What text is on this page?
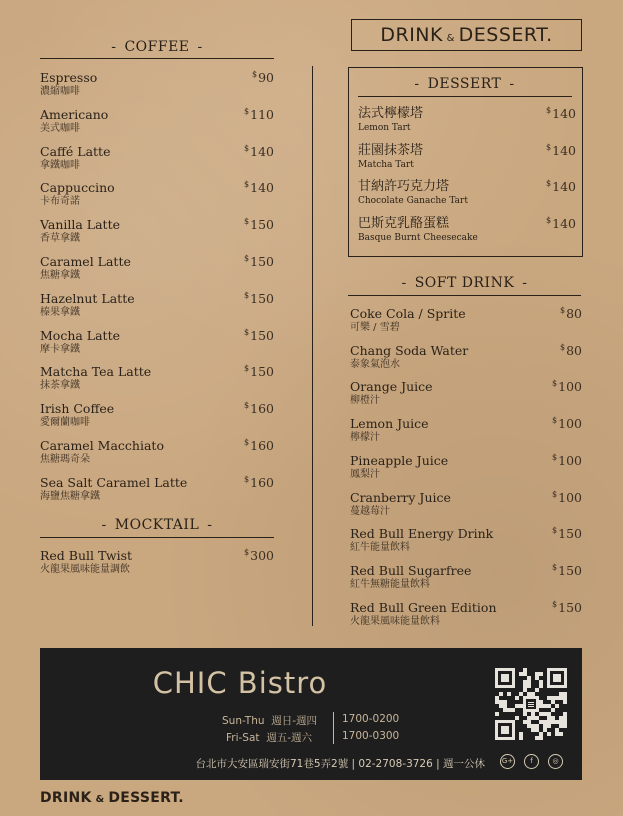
DRINK & DESSERT.
- COFFEE -
Espresso
濃縮咖啡
$90
Americano
美式咖啡
$110
Caffé Latte
拿鐵咖啡
$140
Cappuccino
卡布奇諾
$140
Vanilla Latte
香草拿鐵
$150
Caramel Latte
焦糖拿鐵
$150
Hazelnut Latte
榛果拿鐵
$150
Mocha Latte
摩卡拿鐵
$150
Matcha Tea Latte
抹茶拿鐵
$150
Irish Coffee
愛爾蘭咖啡
$160
Caramel Macchiato
焦糖瑪奇朵
$160
Sea Salt Caramel Latte
海鹽焦糖拿鐵
$160
- MOCKTAIL -
Red Bull Twist
火龍果風味能量調飲
$300
- DESSERT -
法式檸檬塔
Lemon Tart
$140
莊園抹茶塔
Matcha Tart
$140
甘納許巧克力塔
Chocolate Ganache Tart
$140
巴斯克乳酪蛋糕
Basque Burnt Cheesecake
$140
- SOFT DRINK -
Coke Cola / Sprite
可樂 / 雪碧
$80
Chang Soda Water
泰象氣泡水
$80
Orange Juice
柳橙汁
$100
Lemon Juice
檸檬汁
$100
Pineapple Juice
鳳梨汁
$100
Cranberry Juice
蔓越莓汁
$100
Red Bull Energy Drink
紅牛能量飲料
$150
Red Bull Sugarfree
紅牛無糖能量飲料
$150
Red Bull Green Edition
火龍果風味能量飲料
$150
CHIC Bistro
Sun-Thu 週日-週四 1700-0200
Fri-Sat 週五-週六	1700-0300
台北市大安區瑞安街71巷5弄2號 | 02-2708-3726 | 週一公休 G+	f	◎
DRINK & DESSERT.
